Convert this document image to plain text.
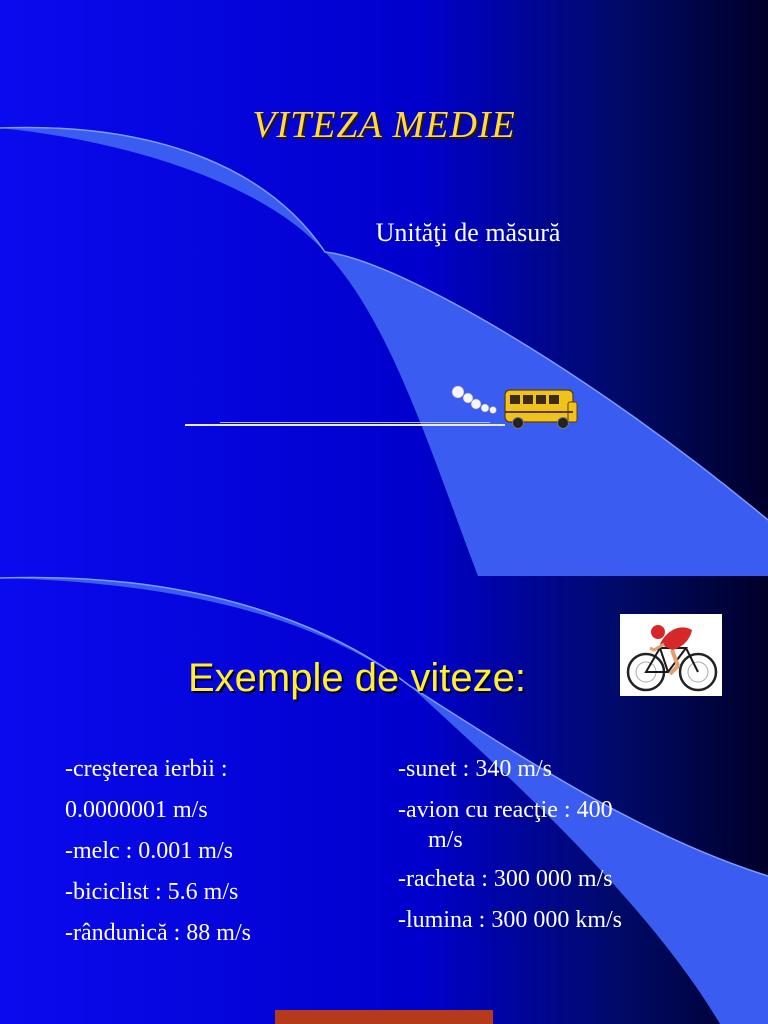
VITEZA MEDIE

Unităţi de măsură

Exemple de viteze:
-creşterea ierbii :
0.0000001 m/s
-melc : 0.001 m/s
-biciclist : 5.6 m/s
-rândunică : 88 m/s
-sunet : 340 m/s
-avion cu reacţie : 400
m/s
-racheta : 300 000 m/s
-lumina : 300 000 km/s
